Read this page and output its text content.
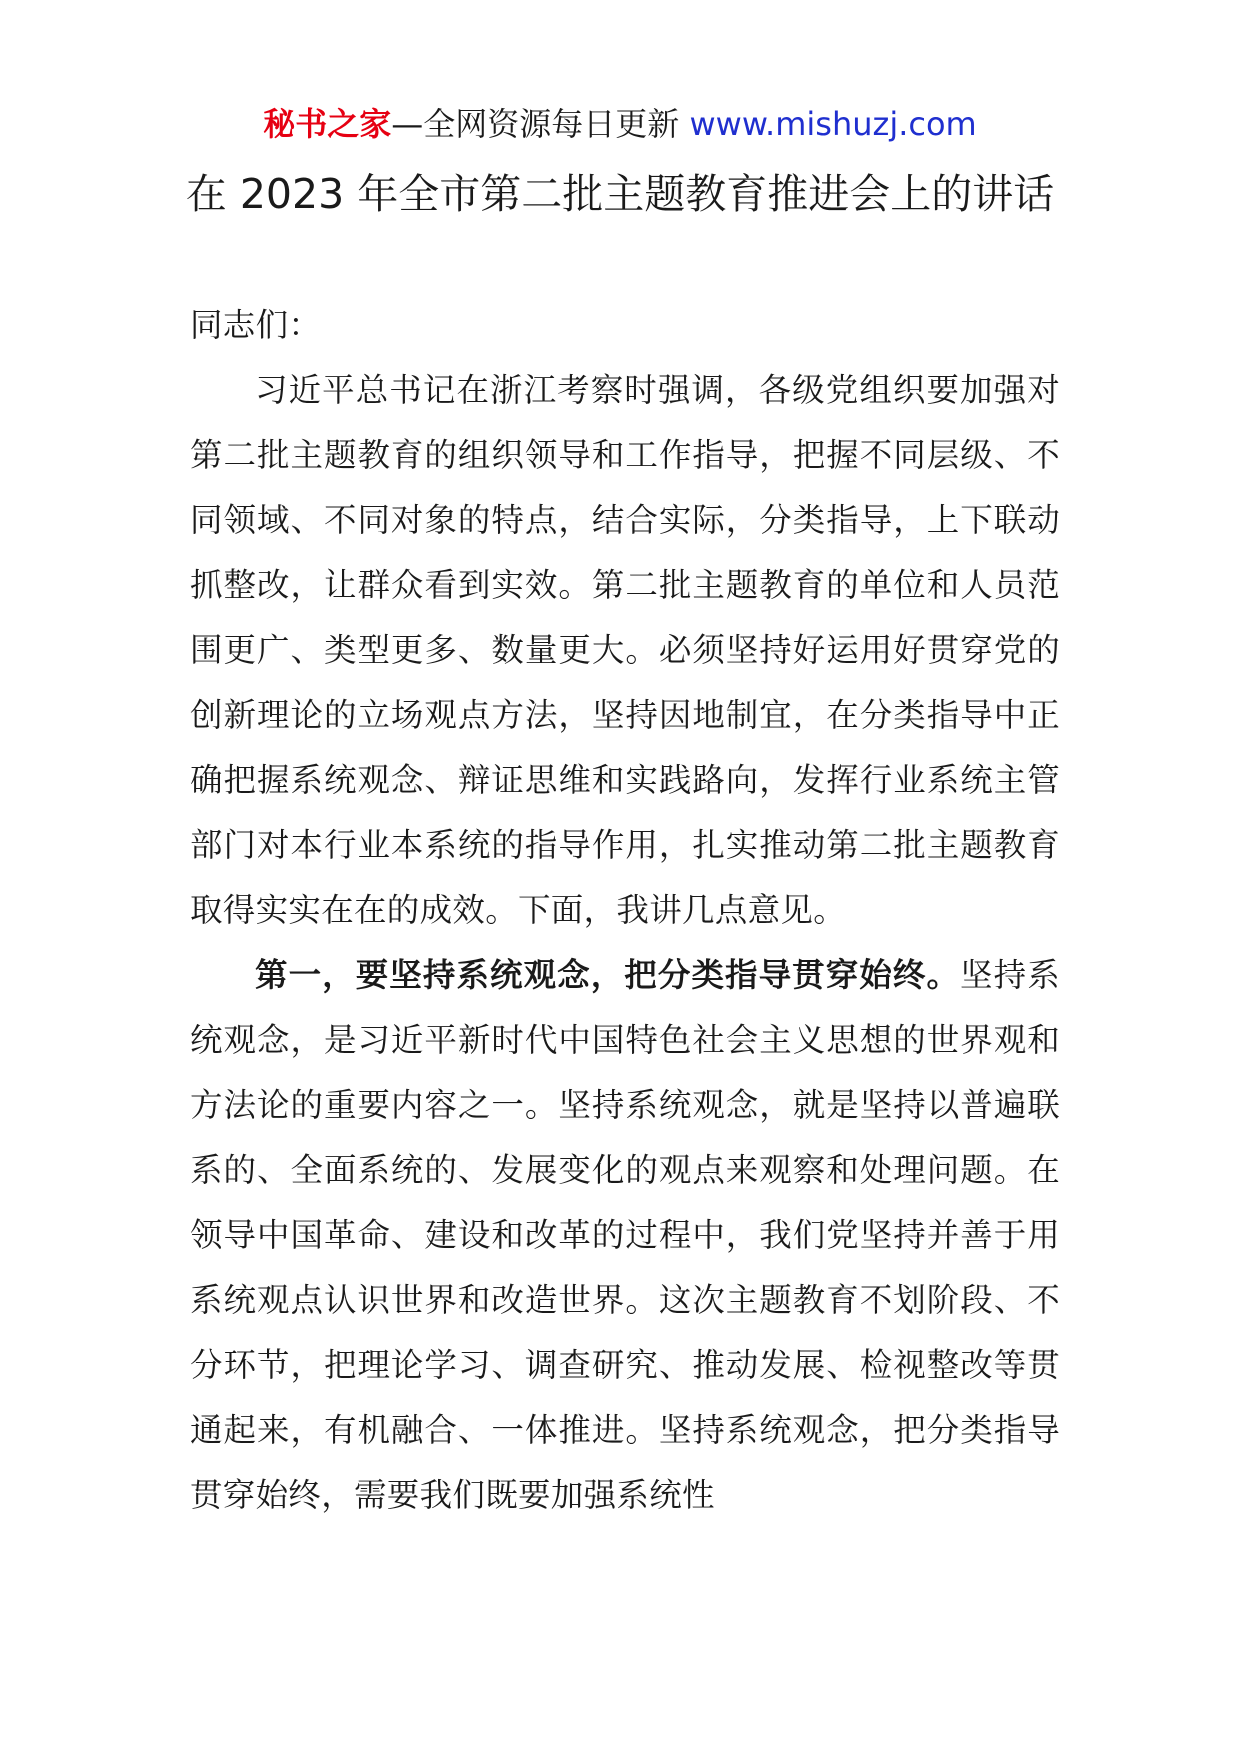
秘书之家—全网资源每日更新 www.mishuzj.com
在 2023 年全市第二批主题教育推进会上的讲话

同志们：

习近平总书记在浙江考察时强调，各级党组织要加强对第二批主题教育的组织领导和工作指导，把握不同层级、不同领域、不同对象的特点，结合实际，分类指导，上下联动抓整改，让群众看到实效。第二批主题教育的单位和人员范围更广、类型更多、数量更大。必须坚持好运用好贯穿党的创新理论的立场观点方法，坚持因地制宜，在分类指导中正确把握系统观念、辩证思维和实践路向，发挥行业系统主管部门对本行业本系统的指导作用，扎实推动第二批主题教育取得实实在在的成效。下面，我讲几点意见。

第一，要坚持系统观念，把分类指导贯穿始终。坚持系统观念，是习近平新时代中国特色社会主义思想的世界观和方法论的重要内容之一。坚持系统观念，就是坚持以普遍联系的、全面系统的、发展变化的观点来观察和处理问题。在领导中国革命、建设和改革的过程中，我们党坚持并善于用系统观点认识世界和改造世界。这次主题教育不划阶段、不分环节，把理论学习、调查研究、推动发展、检视整改等贯通起来，有机融合、一体推进。坚持系统观念，把分类指导贯穿始终，需要我们既要加强系统性
